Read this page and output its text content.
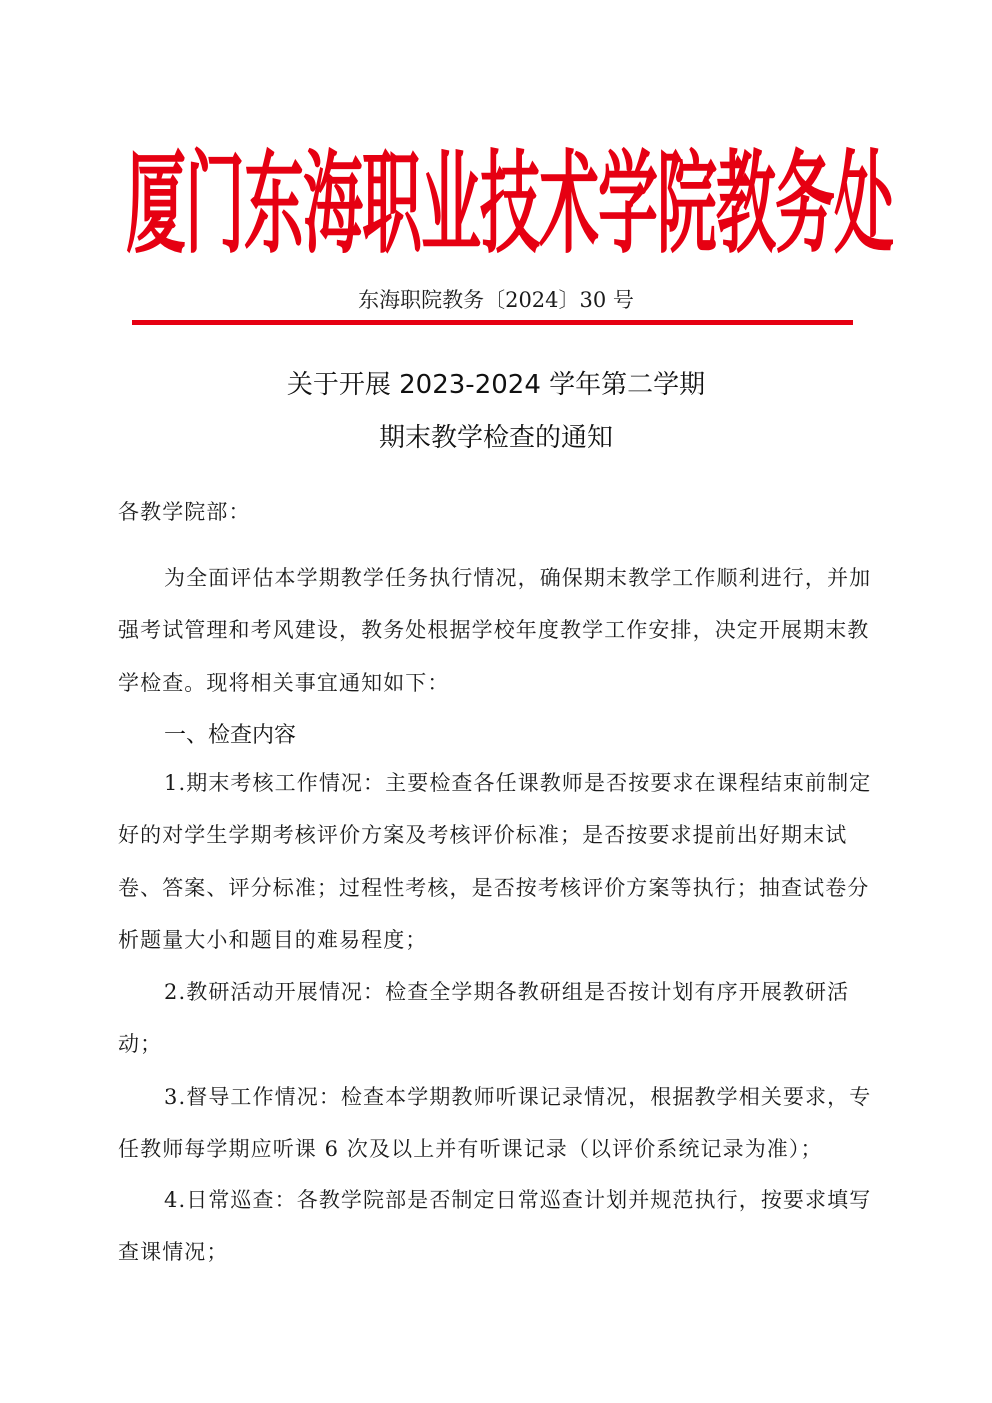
厦门东海职业技术学院教务处
东海职院教务〔2024〕30 号
关于开展 2023-2024 学年第二学期
期末教学检查的通知
各教学院部：
为全面评估本学期教学任务执行情况，确保期末教学工作顺利进行，并加强考试管理和考风建设，教务处根据学校年度教学工作安排，决定开展期末教学检查。现将相关事宜通知如下：
一、检查内容
1.期末考核工作情况：主要检查各任课教师是否按要求在课程结束前制定好的对学生学期考核评价方案及考核评价标准；是否按要求提前出好期末试卷、答案、评分标准；过程性考核，是否按考核评价方案等执行；抽查试卷分析题量大小和题目的难易程度；
2.教研活动开展情况：检查全学期各教研组是否按计划有序开展教研活动；
3.督导工作情况：检查本学期教师听课记录情况，根据教学相关要求，专任教师每学期应听课 6 次及以上并有听课记录（以评价系统记录为准）；
4.日常巡查：各教学院部是否制定日常巡查计划并规范执行，按要求填写查课情况；
